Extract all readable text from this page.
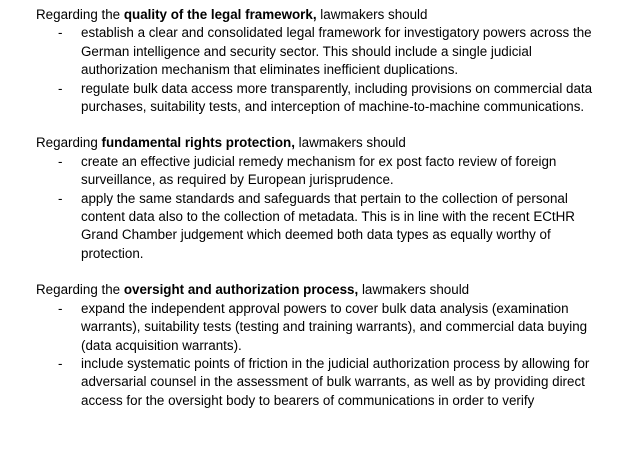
Regarding the quality of the legal framework, lawmakers should

- establish a clear and consolidated legal framework for investigatory powers across the German intelligence and security sector. This should include a single judicial authorization mechanism that eliminates inefficient duplications.
- regulate bulk data access more transparently, including provisions on commercial data purchases, suitability tests, and interception of machine-to-machine communications.

Regarding fundamental rights protection, lawmakers should

- create an effective judicial remedy mechanism for ex post facto review of foreign surveillance, as required by European jurisprudence.
- apply the same standards and safeguards that pertain to the collection of personal content data also to the collection of metadata. This is in line with the recent ECtHR Grand Chamber judgement which deemed both data types as equally worthy of protection.

Regarding the oversight and authorization process, lawmakers should

- expand the independent approval powers to cover bulk data analysis (examination warrants), suitability tests (testing and training warrants), and commercial data buying (data acquisition warrants).
- include systematic points of friction in the judicial authorization process by allowing for adversarial counsel in the assessment of bulk warrants, as well as by providing direct access for the oversight body to bearers of communications in order to verify
